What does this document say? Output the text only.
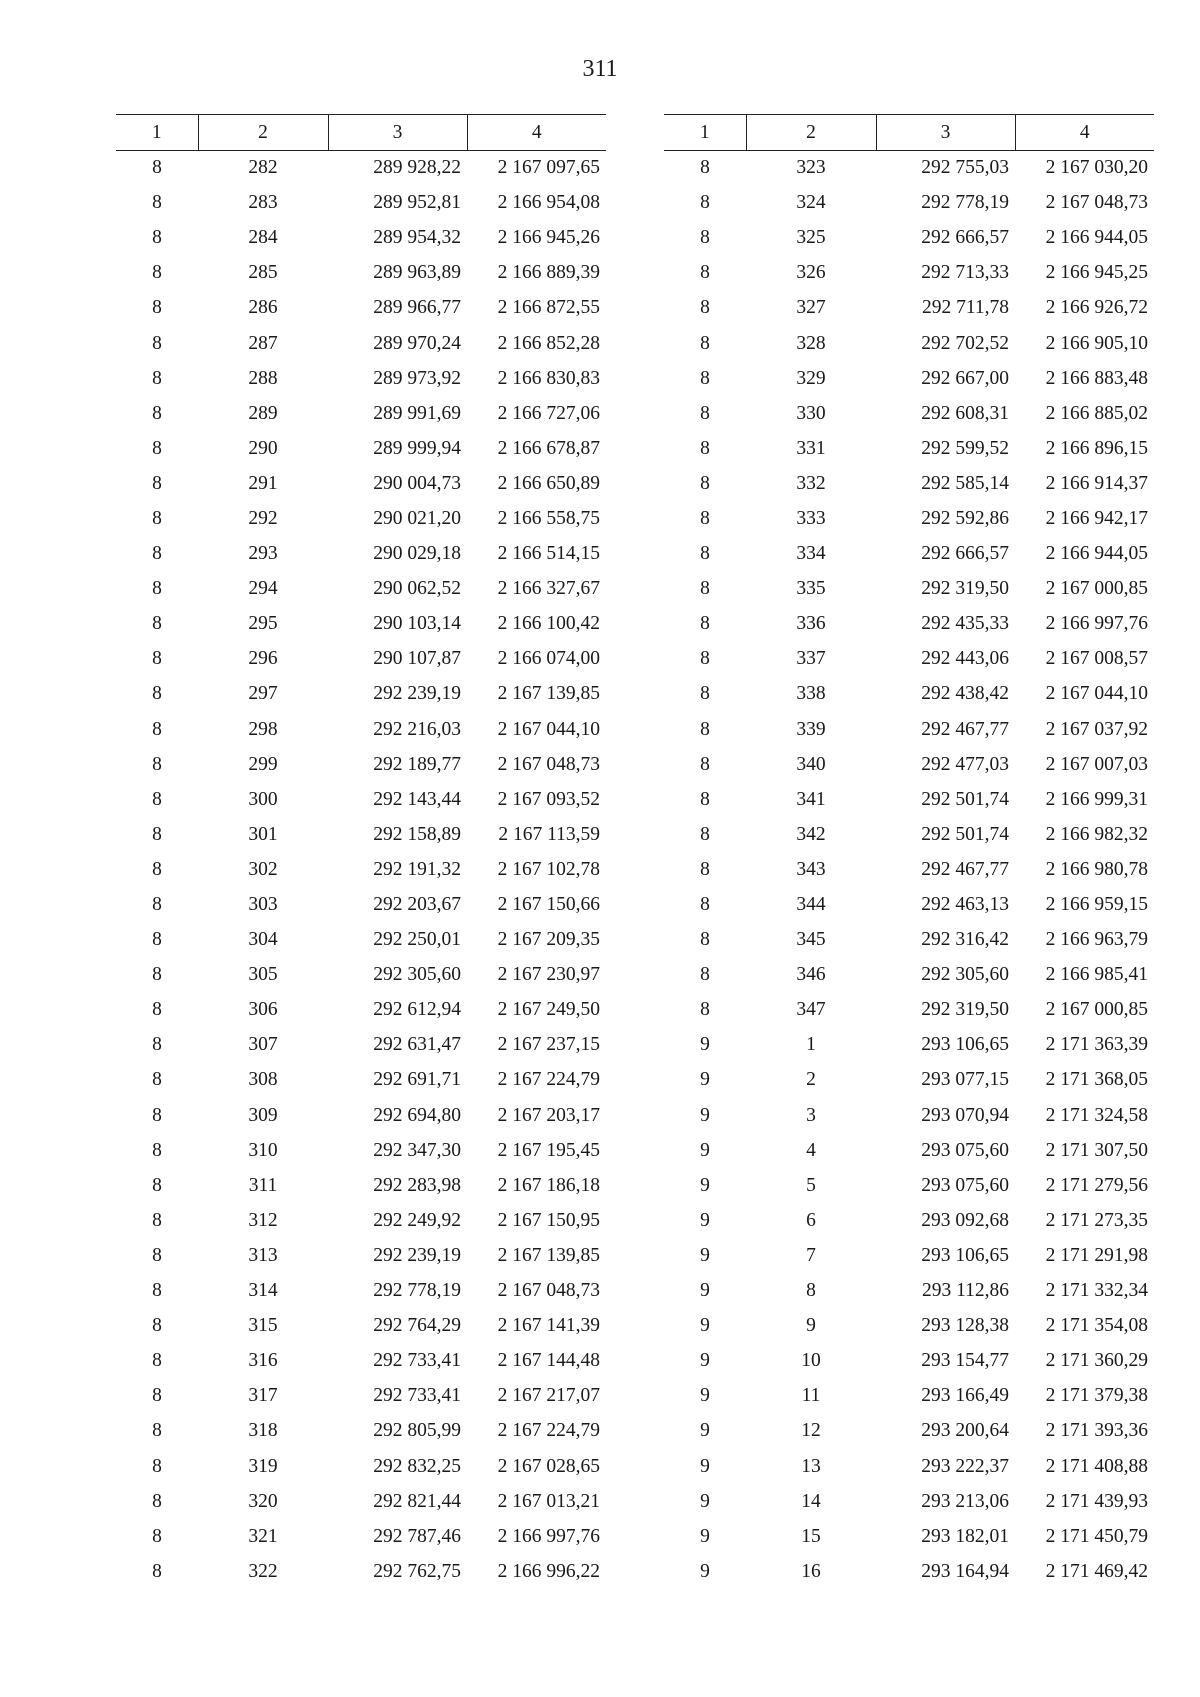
311
1	2	3	4
8	282	289 928,22	2 167 097,65
8	283	289 952,81	2 166 954,08
8	284	289 954,32	2 166 945,26
8	285	289 963,89	2 166 889,39
8	286	289 966,77	2 166 872,55
8	287	289 970,24	2 166 852,28
8	288	289 973,92	2 166 830,83
8	289	289 991,69	2 166 727,06
8	290	289 999,94	2 166 678,87
8	291	290 004,73	2 166 650,89
8	292	290 021,20	2 166 558,75
8	293	290 029,18	2 166 514,15
8	294	290 062,52	2 166 327,67
8	295	290 103,14	2 166 100,42
8	296	290 107,87	2 166 074,00
8	297	292 239,19	2 167 139,85
8	298	292 216,03	2 167 044,10
8	299	292 189,77	2 167 048,73
8	300	292 143,44	2 167 093,52
8	301	292 158,89	2 167 113,59
8	302	292 191,32	2 167 102,78
8	303	292 203,67	2 167 150,66
8	304	292 250,01	2 167 209,35
8	305	292 305,60	2 167 230,97
8	306	292 612,94	2 167 249,50
8	307	292 631,47	2 167 237,15
8	308	292 691,71	2 167 224,79
8	309	292 694,80	2 167 203,17
8	310	292 347,30	2 167 195,45
8	311	292 283,98	2 167 186,18
8	312	292 249,92	2 167 150,95
8	313	292 239,19	2 167 139,85
8	314	292 778,19	2 167 048,73
8	315	292 764,29	2 167 141,39
8	316	292 733,41	2 167 144,48
8	317	292 733,41	2 167 217,07
8	318	292 805,99	2 167 224,79
8	319	292 832,25	2 167 028,65
8	320	292 821,44	2 167 013,21
8	321	292 787,46	2 166 997,76
8	322	292 762,75	2 166 996,22
1	2	3	4
8	323	292 755,03	2 167 030,20
8	324	292 778,19	2 167 048,73
8	325	292 666,57	2 166 944,05
8	326	292 713,33	2 166 945,25
8	327	292 711,78	2 166 926,72
8	328	292 702,52	2 166 905,10
8	329	292 667,00	2 166 883,48
8	330	292 608,31	2 166 885,02
8	331	292 599,52	2 166 896,15
8	332	292 585,14	2 166 914,37
8	333	292 592,86	2 166 942,17
8	334	292 666,57	2 166 944,05
8	335	292 319,50	2 167 000,85
8	336	292 435,33	2 166 997,76
8	337	292 443,06	2 167 008,57
8	338	292 438,42	2 167 044,10
8	339	292 467,77	2 167 037,92
8	340	292 477,03	2 167 007,03
8	341	292 501,74	2 166 999,31
8	342	292 501,74	2 166 982,32
8	343	292 467,77	2 166 980,78
8	344	292 463,13	2 166 959,15
8	345	292 316,42	2 166 963,79
8	346	292 305,60	2 166 985,41
8	347	292 319,50	2 167 000,85
9	1	293 106,65	2 171 363,39
9	2	293 077,15	2 171 368,05
9	3	293 070,94	2 171 324,58
9	4	293 075,60	2 171 307,50
9	5	293 075,60	2 171 279,56
9	6	293 092,68	2 171 273,35
9	7	293 106,65	2 171 291,98
9	8	293 112,86	2 171 332,34
9	9	293 128,38	2 171 354,08
9	10	293 154,77	2 171 360,29
9	11	293 166,49	2 171 379,38
9	12	293 200,64	2 171 393,36
9	13	293 222,37	2 171 408,88
9	14	293 213,06	2 171 439,93
9	15	293 182,01	2 171 450,79
9	16	293 164,94	2 171 469,42
